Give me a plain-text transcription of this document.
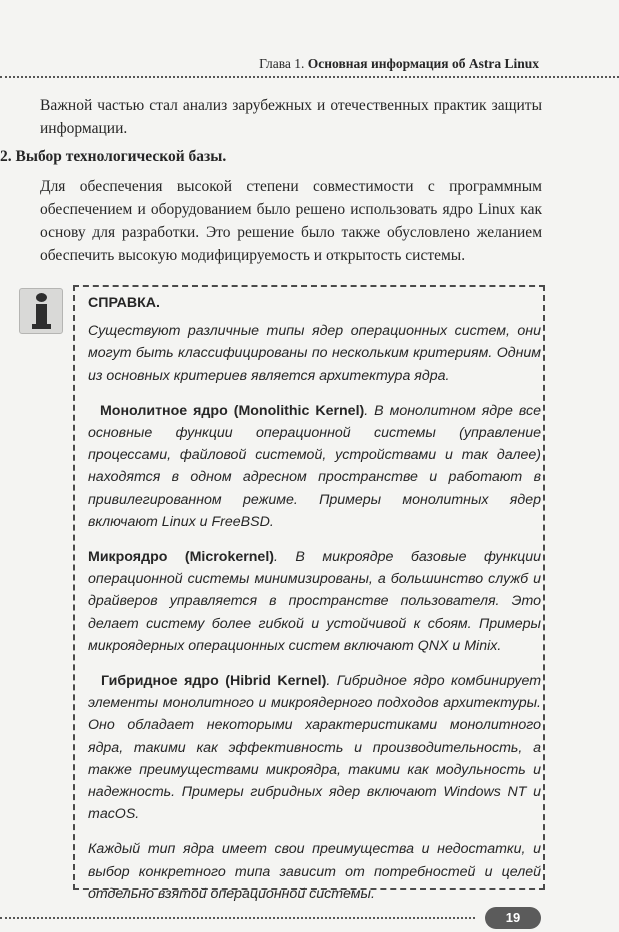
Глава 1. Основная информация об Astra Linux
Важной частью стал анализ зарубежных и отечественных практик защиты информации.
2. Выбор технологической базы.
Для обеспечения высокой степени совместимости с программным обеспечением и оборудованием было решено использовать ядро Linux как основу для разработки. Это решение было также обусловлено желанием обеспечить высокую модифицируемость и открытость системы.

СПРАВКА.

Существуют различные типы ядер операционных систем, они могут быть классифицированы по нескольким критериям. Одним из основных критериев является архитектура ядра.

Монолитное ядро (Monolithic Kernel). В монолитном ядре все основные функции операционной системы (управление процессами, файловой системой, устройствами и так далее) находятся в одном адресном пространстве и работают в привилегированном режиме. Примеры монолитных ядер включают Linux и FreeBSD.

Микроядро (Microkernel). В микроядре базовые функции операционной системы минимизированы, а большинство служб и драйверов управляется в пространстве пользователя. Это делает систему более гибкой и устойчивой к сбоям. Примеры микроядерных операционных систем включают QNX и Minix.

Гибридное ядро (Hibrid Kernel). Гибридное ядро комбинирует элементы монолитного и микроядерного подходов архитектуры. Оно обладает некоторыми характеристиками монолитного ядра, такими как эффективность и производительность, а также преимуществами микроядра, такими как модульность и надежность. Примеры гибридных ядер включают Windows NT и macOS.

Каждый тип ядра имеет свои преимущества и недостатки, и выбор конкретного типа зависит от потребностей и целей отдельно взятой операционной системы.

19
